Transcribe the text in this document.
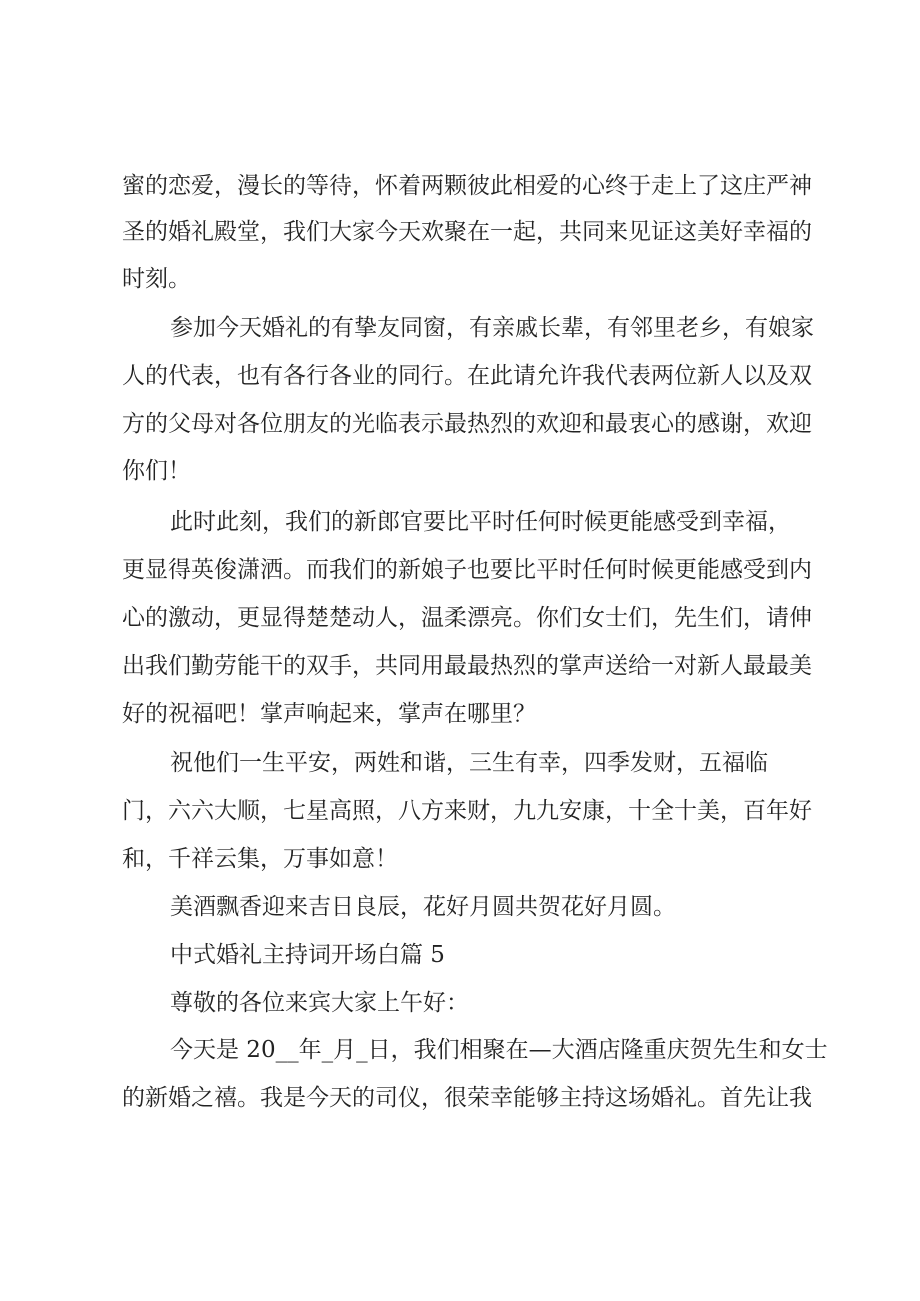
蜜的恋爱，漫长的等待，怀着两颗彼此相爱的心终于走上了这庄严神
圣的婚礼殿堂，我们大家今天欢聚在一起，共同来见证这美好幸福的
时刻。
参加今天婚礼的有挚友同窗，有亲戚长辈，有邻里老乡，有娘家
人的代表，也有各行各业的同行。在此请允许我代表两位新人以及双
方的父母对各位朋友的光临表示最热烈的欢迎和最衷心的感谢，欢迎
你们！
此时此刻，我们的新郎官要比平时任何时候更能感受到幸福，
更显得英俊潇洒。而我们的新娘子也要比平时任何时候更能感受到内
心的激动，更显得楚楚动人，温柔漂亮。你们女士们，先生们，请伸
出我们勤劳能干的双手，共同用最最热烈的掌声送给一对新人最最美
好的祝福吧！掌声响起来，掌声在哪里？
祝他们一生平安，两姓和谐，三生有幸，四季发财，五福临
门，六六大顺，七星高照，八方来财，九九安康，十全十美，百年好
和，千祥云集，万事如意！
美酒飘香迎来吉日良辰，花好月圆共贺花好月圆。
中式婚礼主持词开场白篇 5
尊敬的各位来宾大家上午好：
今天是 20__年_月_日，我们相聚在—大酒店隆重庆贺先生和女士
的新婚之禧。我是今天的司仪，很荣幸能够主持这场婚礼。首先让我
